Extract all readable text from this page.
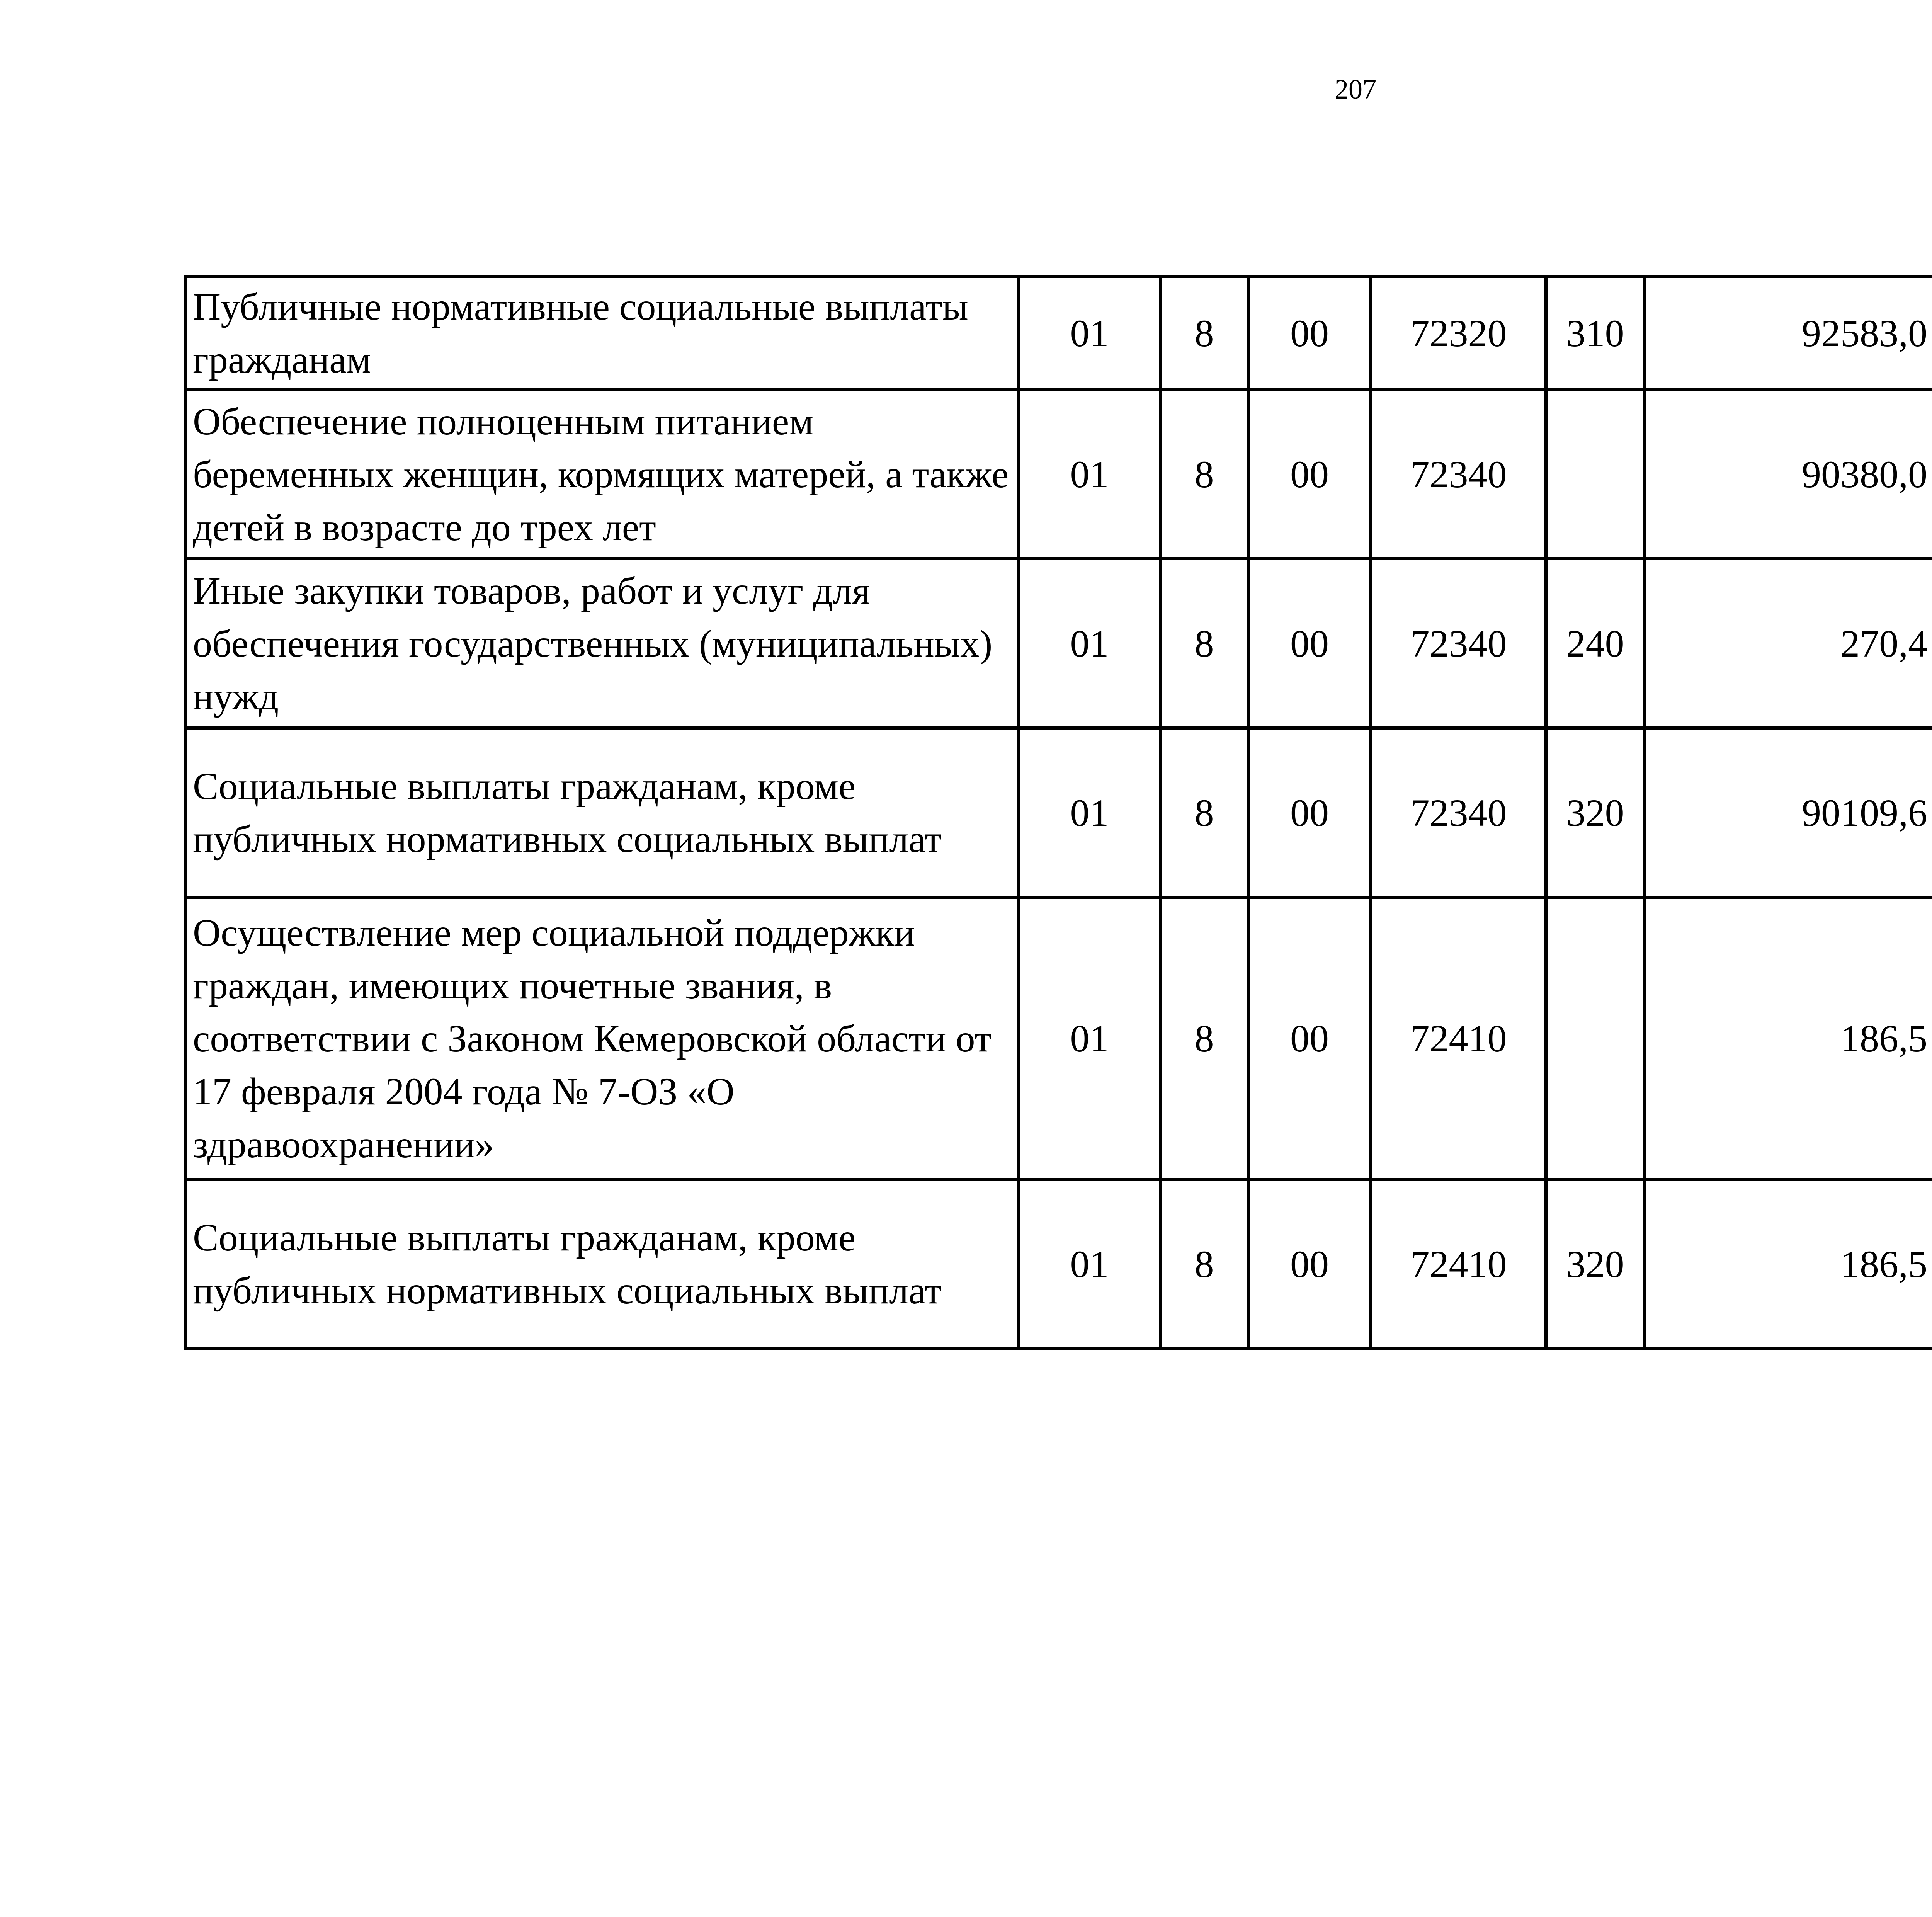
207
Публичные нормативные социальные выплаты гражданам	01	8	00	72320	310	92583,0		
Обеспечение полноценным питанием беременных женщин, кормящих матерей, а также детей в возрасте до трех лет	01	8	00	72340		90380,0		
Иные закупки товаров, работ и услуг для обеспечения государственных (муниципальных) нужд	01	8	00	72340	240	270,4		
Социальные выплаты гражданам, кроме публичных нормативных социальных выплат	01	8	00	72340	320	90109,6		
Осуществление мер социальной поддержки граждан, имеющих почетные звания, в соответствии с Законом Кемеровской области от 17 февраля 2004 года № 7-ОЗ «О здравоохранении»	01	8	00	72410		186,5		
Социальные выплаты гражданам, кроме публичных нормативных социальных выплат	01	8	00	72410	320	186,5		
